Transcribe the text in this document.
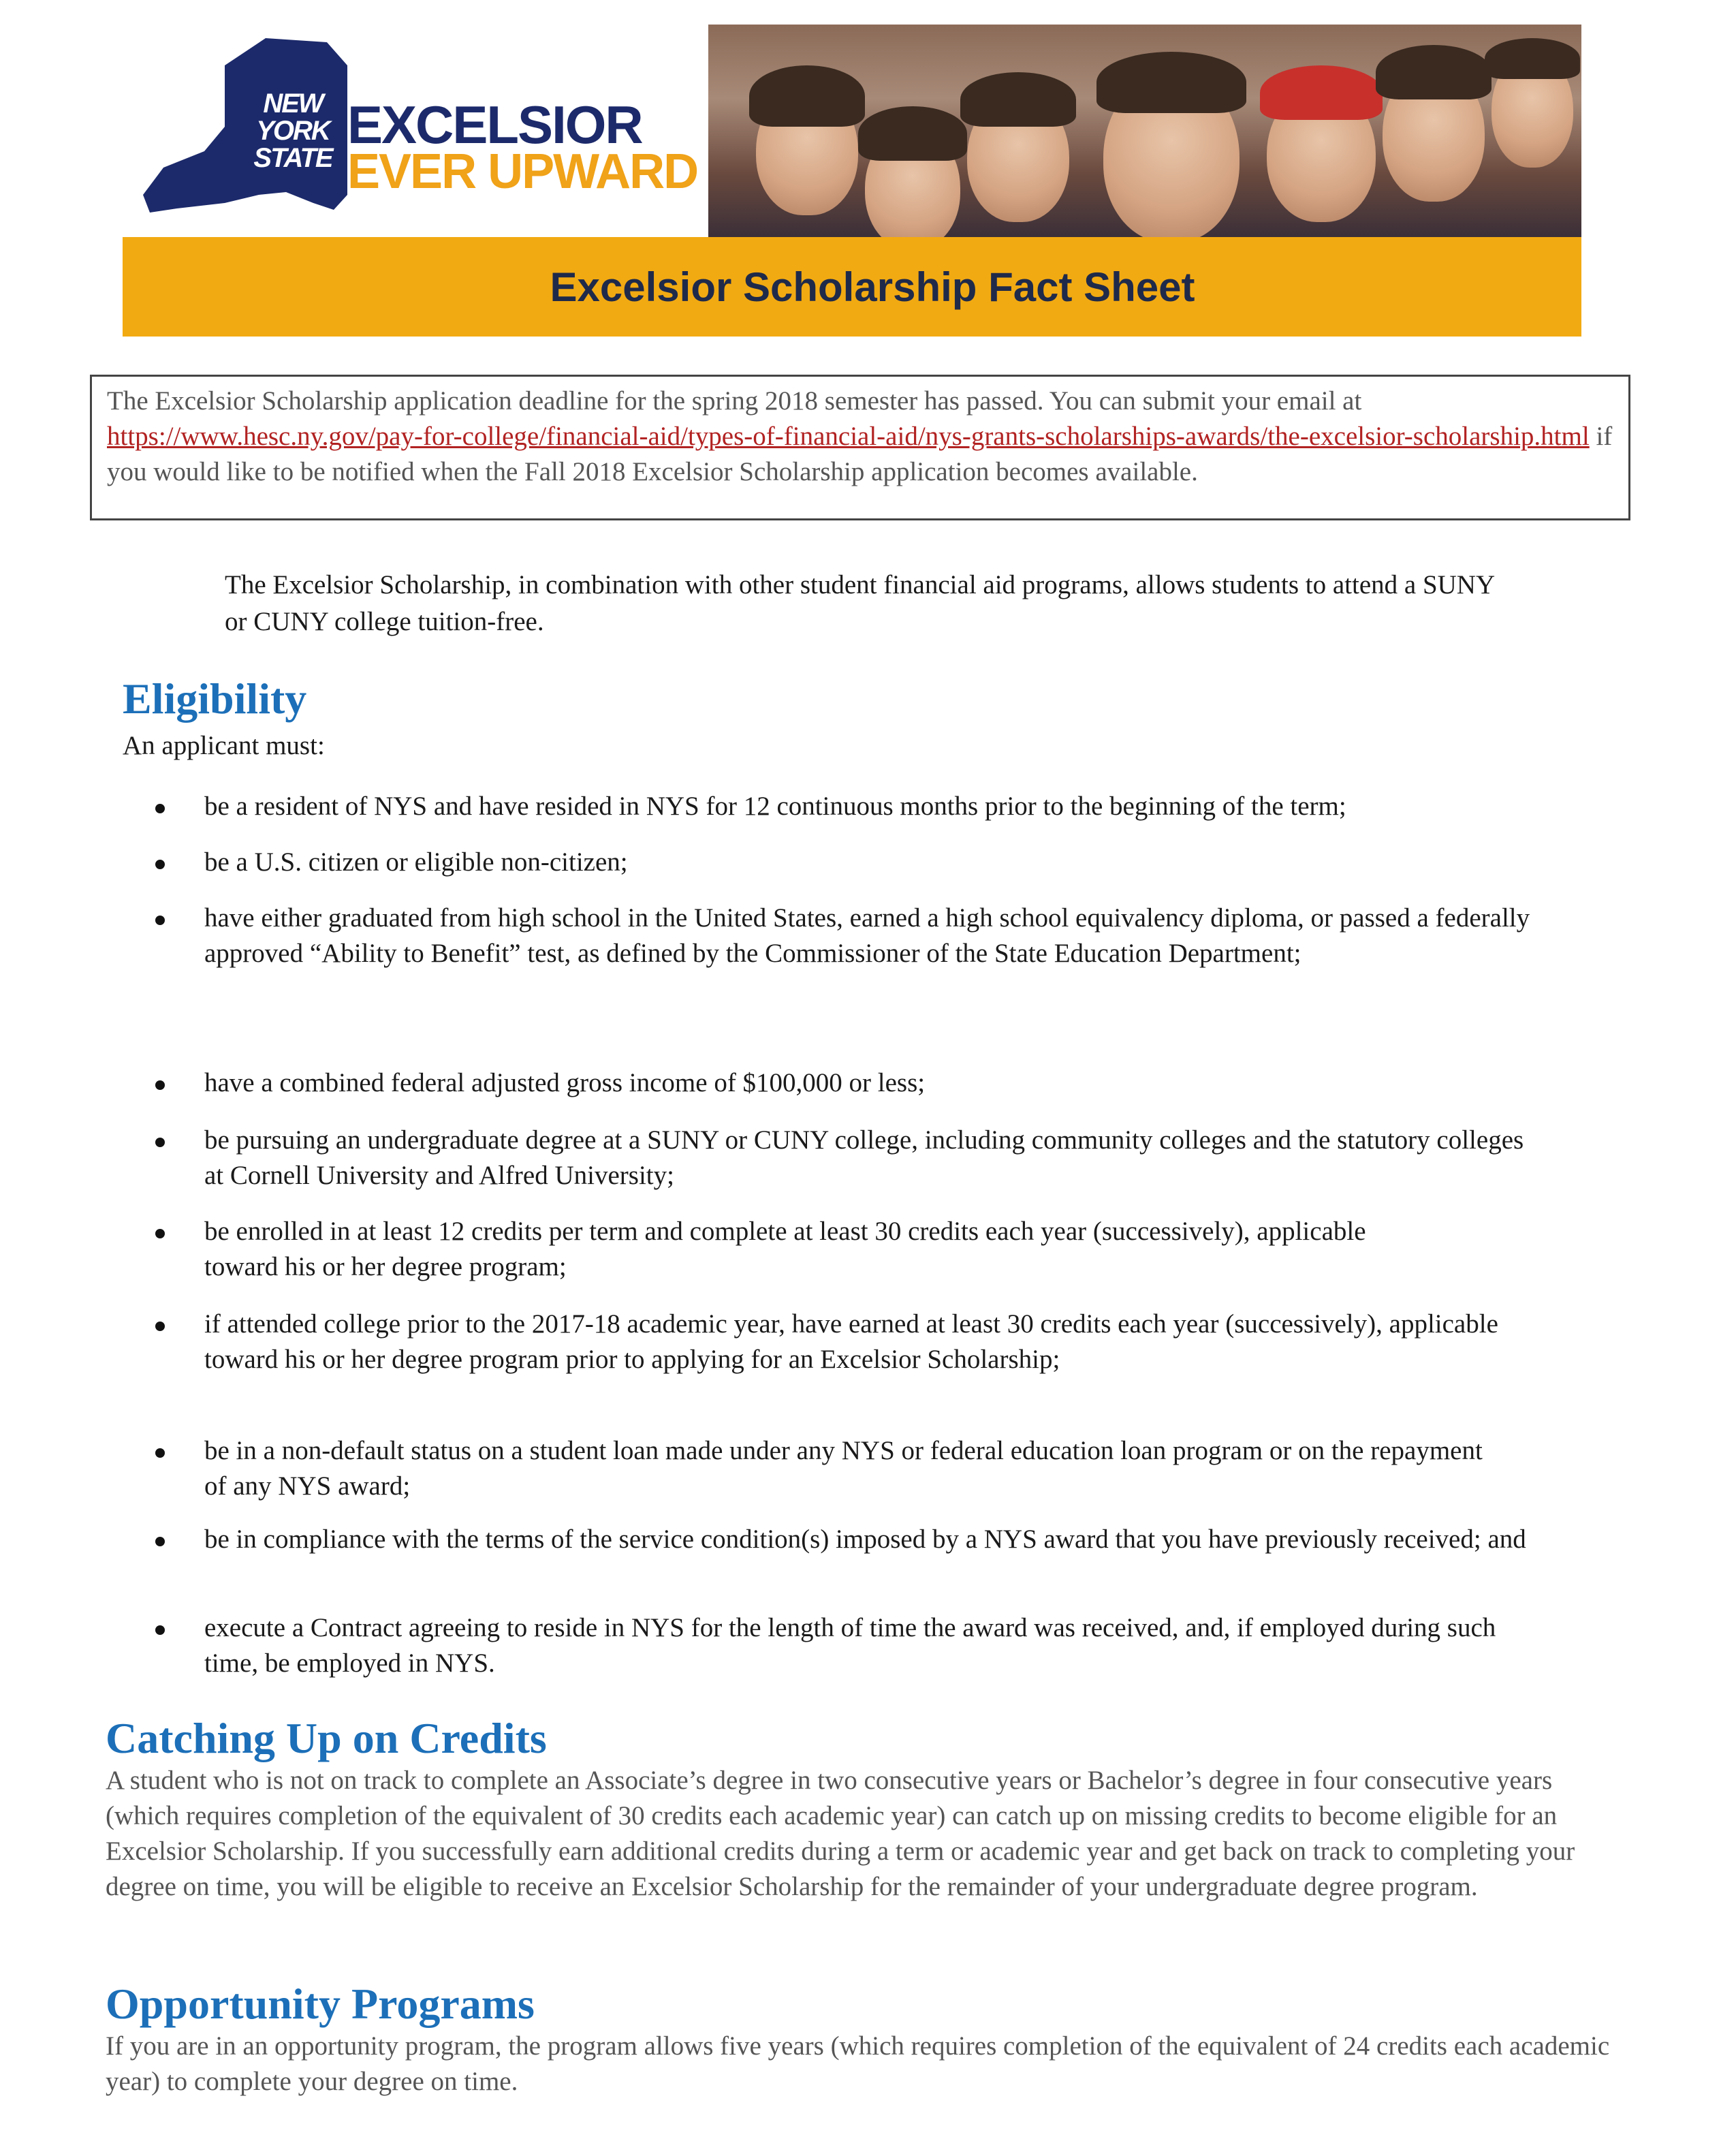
NEW
YORK
STATE
EXCELSIOR
EVER UPWARD
Excelsior Scholarship Fact Sheet
The Excelsior Scholarship application deadline for the spring 2018 semester has passed. You can submit your email at https://www.hesc.ny.gov/pay-for-college/financial-aid/types-of-financial-aid/nys-grants-scholarships-awards/the-excelsior-scholarship.html if you would like to be notified when the Fall 2018 Excelsior Scholarship application becomes available.
The Excelsior Scholarship, in combination with other student financial aid programs, allows students to attend a SUNY or CUNY college tuition-free.
Eligibility
An applicant must:
be a resident of NYS and have resided in NYS for 12 continuous months prior to the beginning of the term;
be a U.S. citizen or eligible non-citizen;
have either graduated from high school in the United States, earned a high school equivalency diploma, or passed a federally approved “Ability to Benefit” test, as defined by the Commissioner of the State Education Department;
have a combined federal adjusted gross income of $100,000 or less;
be pursuing an undergraduate degree at a SUNY or CUNY college, including community colleges and the statutory colleges at Cornell University and Alfred University;
be enrolled in at least 12 credits per term and complete at least 30 credits each year (successively), applicable toward his or her degree program;
if attended college prior to the 2017-18 academic year, have earned at least 30 credits each year (successively), applicable toward his or her degree program prior to applying for an Excelsior Scholarship;
be in a non-default status on a student loan made under any NYS or federal education loan program or on the repayment of any NYS award;
be in compliance with the terms of the service condition(s) imposed by a NYS award that you have previously received; and
execute a Contract agreeing to reside in NYS for the length of time the award was received, and, if employed during such time, be employed in NYS.
Catching Up on Credits
A student who is not on track to complete an Associate’s degree in two consecutive years or Bachelor’s degree in four consecutive years (which requires completion of the equivalent of 30 credits each academic year) can catch up on missing credits to become eligible for an Excelsior Scholarship. If you successfully earn additional credits during a term or academic year and get back on track to completing your degree on time, you will be eligible to receive an Excelsior Scholarship for the remainder of your undergraduate degree program.
Opportunity Programs
If you are in an opportunity program, the program allows five years (which requires completion of the equivalent of 24 credits each academic year) to complete your degree on time.
